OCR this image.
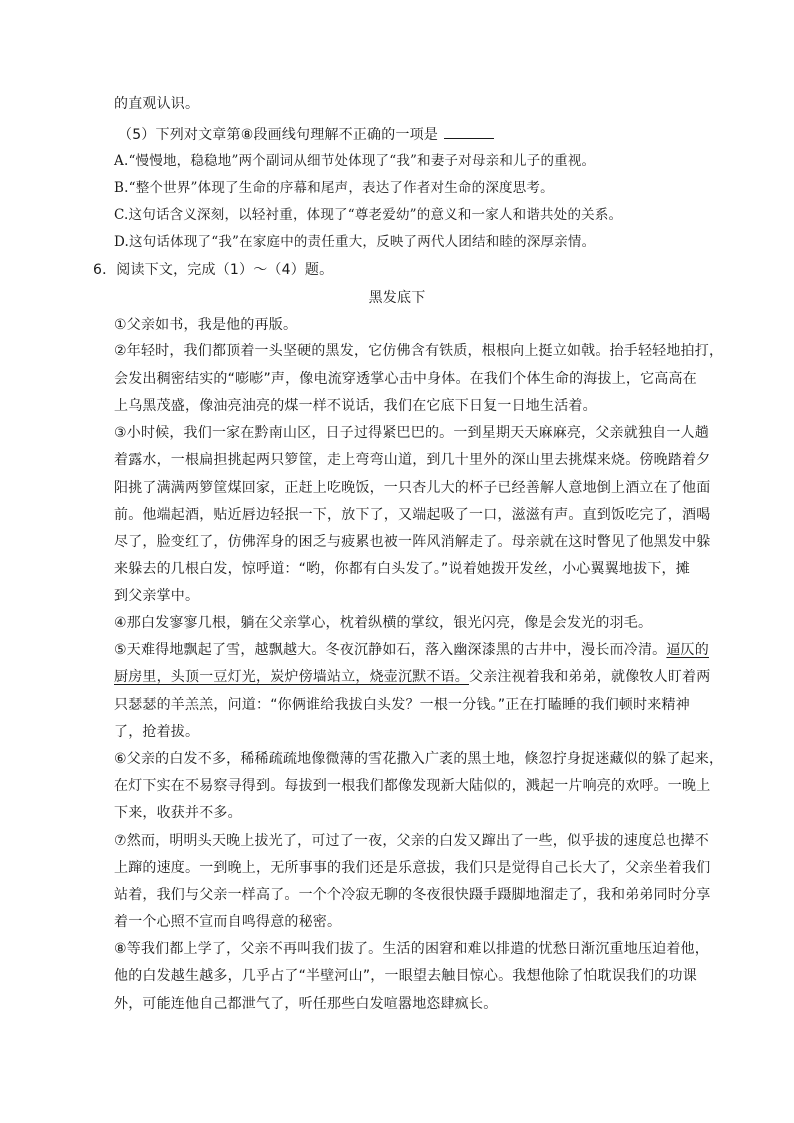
的直观认识。
（5）下列对文章第⑧段画线句理解不正确的一项是
A.“慢慢地，稳稳地”两个副词从细节处体现了“我”和妻子对母亲和儿子的重视。
B.“整个世界”体现了生命的序幕和尾声，表达了作者对生命的深度思考。
C.这句话含义深刻，以轻衬重，体现了“尊老爱幼”的意义和一家人和谐共处的关系。
D.这句话体现了“我”在家庭中的责任重大，反映了两代人团结和睦的深厚亲情。
6．阅读下文，完成（1）～（4）题。
黑发底下
①父亲如书，我是他的再版。
②年轻时，我们都顶着一头坚硬的黑发，它仿佛含有铁质，根根向上挺立如戟。抬手轻轻地拍打，
会发出稠密结实的“嘭嘭”声，像电流穿透掌心击中身体。在我们个体生命的海拔上，它高高在
上乌黑茂盛，像油亮油亮的煤一样不说话，我们在它底下日复一日地生活着。
③小时候，我们一家在黔南山区，日子过得紧巴巴的。一到星期天天麻麻亮，父亲就独自一人趟
着露水，一根扁担挑起两只箩筐，走上弯弯山道，到几十里外的深山里去挑煤来烧。傍晚踏着夕
阳挑了满满两箩筐煤回家，正赶上吃晚饭，一只杏儿大的杯子已经善解人意地倒上酒立在了他面
前。他端起酒，贴近唇边轻抿一下，放下了，又端起吸了一口，滋滋有声。直到饭吃完了，酒喝
尽了，脸变红了，仿佛浑身的困乏与疲累也被一阵风消解走了。母亲就在这时瞥见了他黑发中躲
来躲去的几根白发，惊呼道：“哟，你都有白头发了。”说着她拨开发丝，小心翼翼地拔下，摊
到父亲掌中。
④那白发寥寥几根，躺在父亲掌心，枕着纵横的掌纹，银光闪亮，像是会发光的羽毛。
⑤天难得地飘起了雪，越飘越大。冬夜沉静如石，落入幽深漆黑的古井中，漫长而冷清。逼仄的
厨房里，头顶一豆灯光，炭炉傍墙站立，烧壶沉默不语。父亲注视着我和弟弟，就像牧人盯着两
只瑟瑟的羊羔羔，问道：“你俩谁给我拔白头发？一根一分钱。”正在打瞌睡的我们顿时来精神
了，抢着拔。
⑥父亲的白发不多，稀稀疏疏地像微薄的雪花撒入广袤的黑土地，倏忽拧身捉迷藏似的躲了起来，
在灯下实在不易察寻得到。每拔到一根我们都像发现新大陆似的，溅起一片响亮的欢呼。一晚上
下来，收获并不多。
⑦然而，明明头天晚上拔光了，可过了一夜，父亲的白发又蹿出了一些，似乎拔的速度总也撵不
上蹿的速度。一到晚上，无所事事的我们还是乐意拔，我们只是觉得自己长大了，父亲坐着我们
站着，我们与父亲一样高了。一个个冷寂无聊的冬夜很快蹑手蹑脚地溜走了，我和弟弟同时分享
着一个心照不宣而自鸣得意的秘密。
⑧等我们都上学了，父亲不再叫我们拔了。生活的困窘和难以排遣的忧愁日渐沉重地压迫着他，
他的白发越生越多，几乎占了“半壁河山”，一眼望去触目惊心。我想他除了怕耽误我们的功课
外，可能连他自己都泄气了，听任那些白发喧嚣地恣肆疯长。
